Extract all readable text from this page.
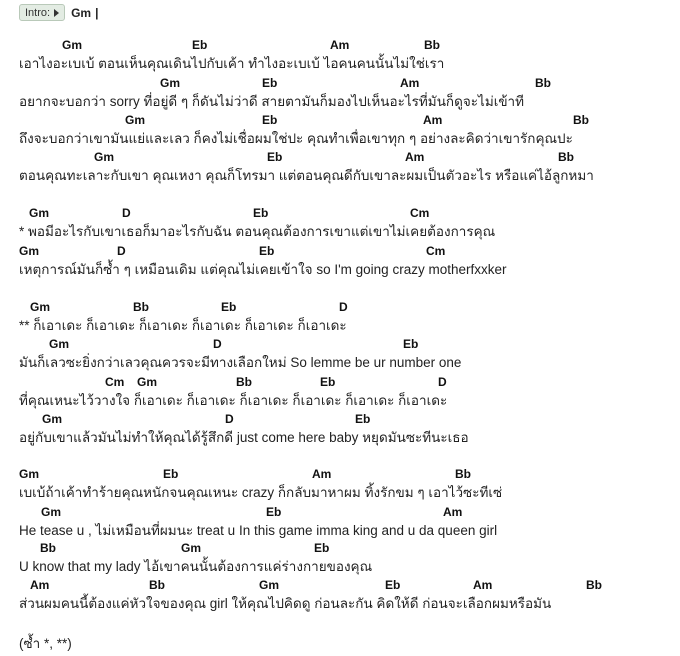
Intro: Gm |
Gm	Eb	Am	Bb
เอาไงอะเบเบ้ ตอนเห็นคุณเดินไปกับเค้า ทำไงอะเบเบ้ ไอคนคนนั้นไม่ใช่เรา
Gm	Eb	Am	Bb
อยากจะบอกว่า sorry ที่อยู่ดี ๆ ก็ดันไม่ว่าดี สายตามันก็มองไปเห็นอะไรที่มันก็ดูจะไม่เข้าที
Gm	Eb	Am	Bb
ถึงจะบอกว่าเขามันแย่และเลว ก็คงไม่เชื่อผมใช่ปะ คุณทำเพื่อเขาทุก ๆ อย่างละคิดว่าเขารักคุณปะ
Gm	Eb	Am	Bb
ตอนคุณทะเลาะกับเขา คุณเหงา คุณก็โทรมา แต่ตอนคุณดีกับเขาละผมเป็นตัวอะไร หรือแค่ไอ้ลูกหมา
Gm	D	Eb	Cm
* พอมีอะไรกับเขาเธอก็มาอะไรกับฉัน ตอนคุณต้องการเขาแต่เขาไม่เคยต้องการคุณ
Gm	D	Eb	Cm
เหตุการณ์มันก็ซ้ำ ๆ เหมือนเดิม แต่คุณไม่เคยเข้าใจ so I'm going crazy motherfxxker
Gm	Bb	Eb	D
** ก็เอาเดะ ก็เอาเดะ ก็เอาเดะ ก็เอาเดะ ก็เอาเดะ ก็เอาเดะ
Gm	D	Eb
มันก็เลวซะยิ่งกว่าเลวคุณควรจะมีทางเลือกใหม่ So lemme be ur number one
Cm Gm	Bb	Eb	D
ที่คุณเหนะไว้วางใจ ก็เอาเดะ ก็เอาเดะ ก็เอาเดะ ก็เอาเดะ ก็เอาเดะ ก็เอาเดะ
Gm	D	Eb
อยู่กับเขาแล้วมันไม่ทำให้คุณได้รู้สึกดี just come here baby หยุดมันซะทีนะเธอ
Gm	Eb	Am	Bb
เบเบ้ถ้าเค้าทำร้ายคุณหนักจนคุณเหนะ crazy ก็กลับมาหาผม ทิ้งรักขม ๆ เอาไว้ซะทีเซ่
Gm	Eb	Am
He tease u , ไม่เหมือนที่ผมนะ treat u In this game imma king and u da queen girl
Bb	Gm	Eb
U know that my lady ไอ้เขาคนนั้นต้องการแค่ร่างกายของคุณ
Am	Bb	Gm	Eb	Am	Bb
ส่วนผมคนนี้ต้องแค่หัวใจของคุณ girl ให้คุณไปคิดดู ก่อนละกัน คิดให้ดี ก่อนจะเลือกผมหรือมัน
(ซ้ำ *, **)
